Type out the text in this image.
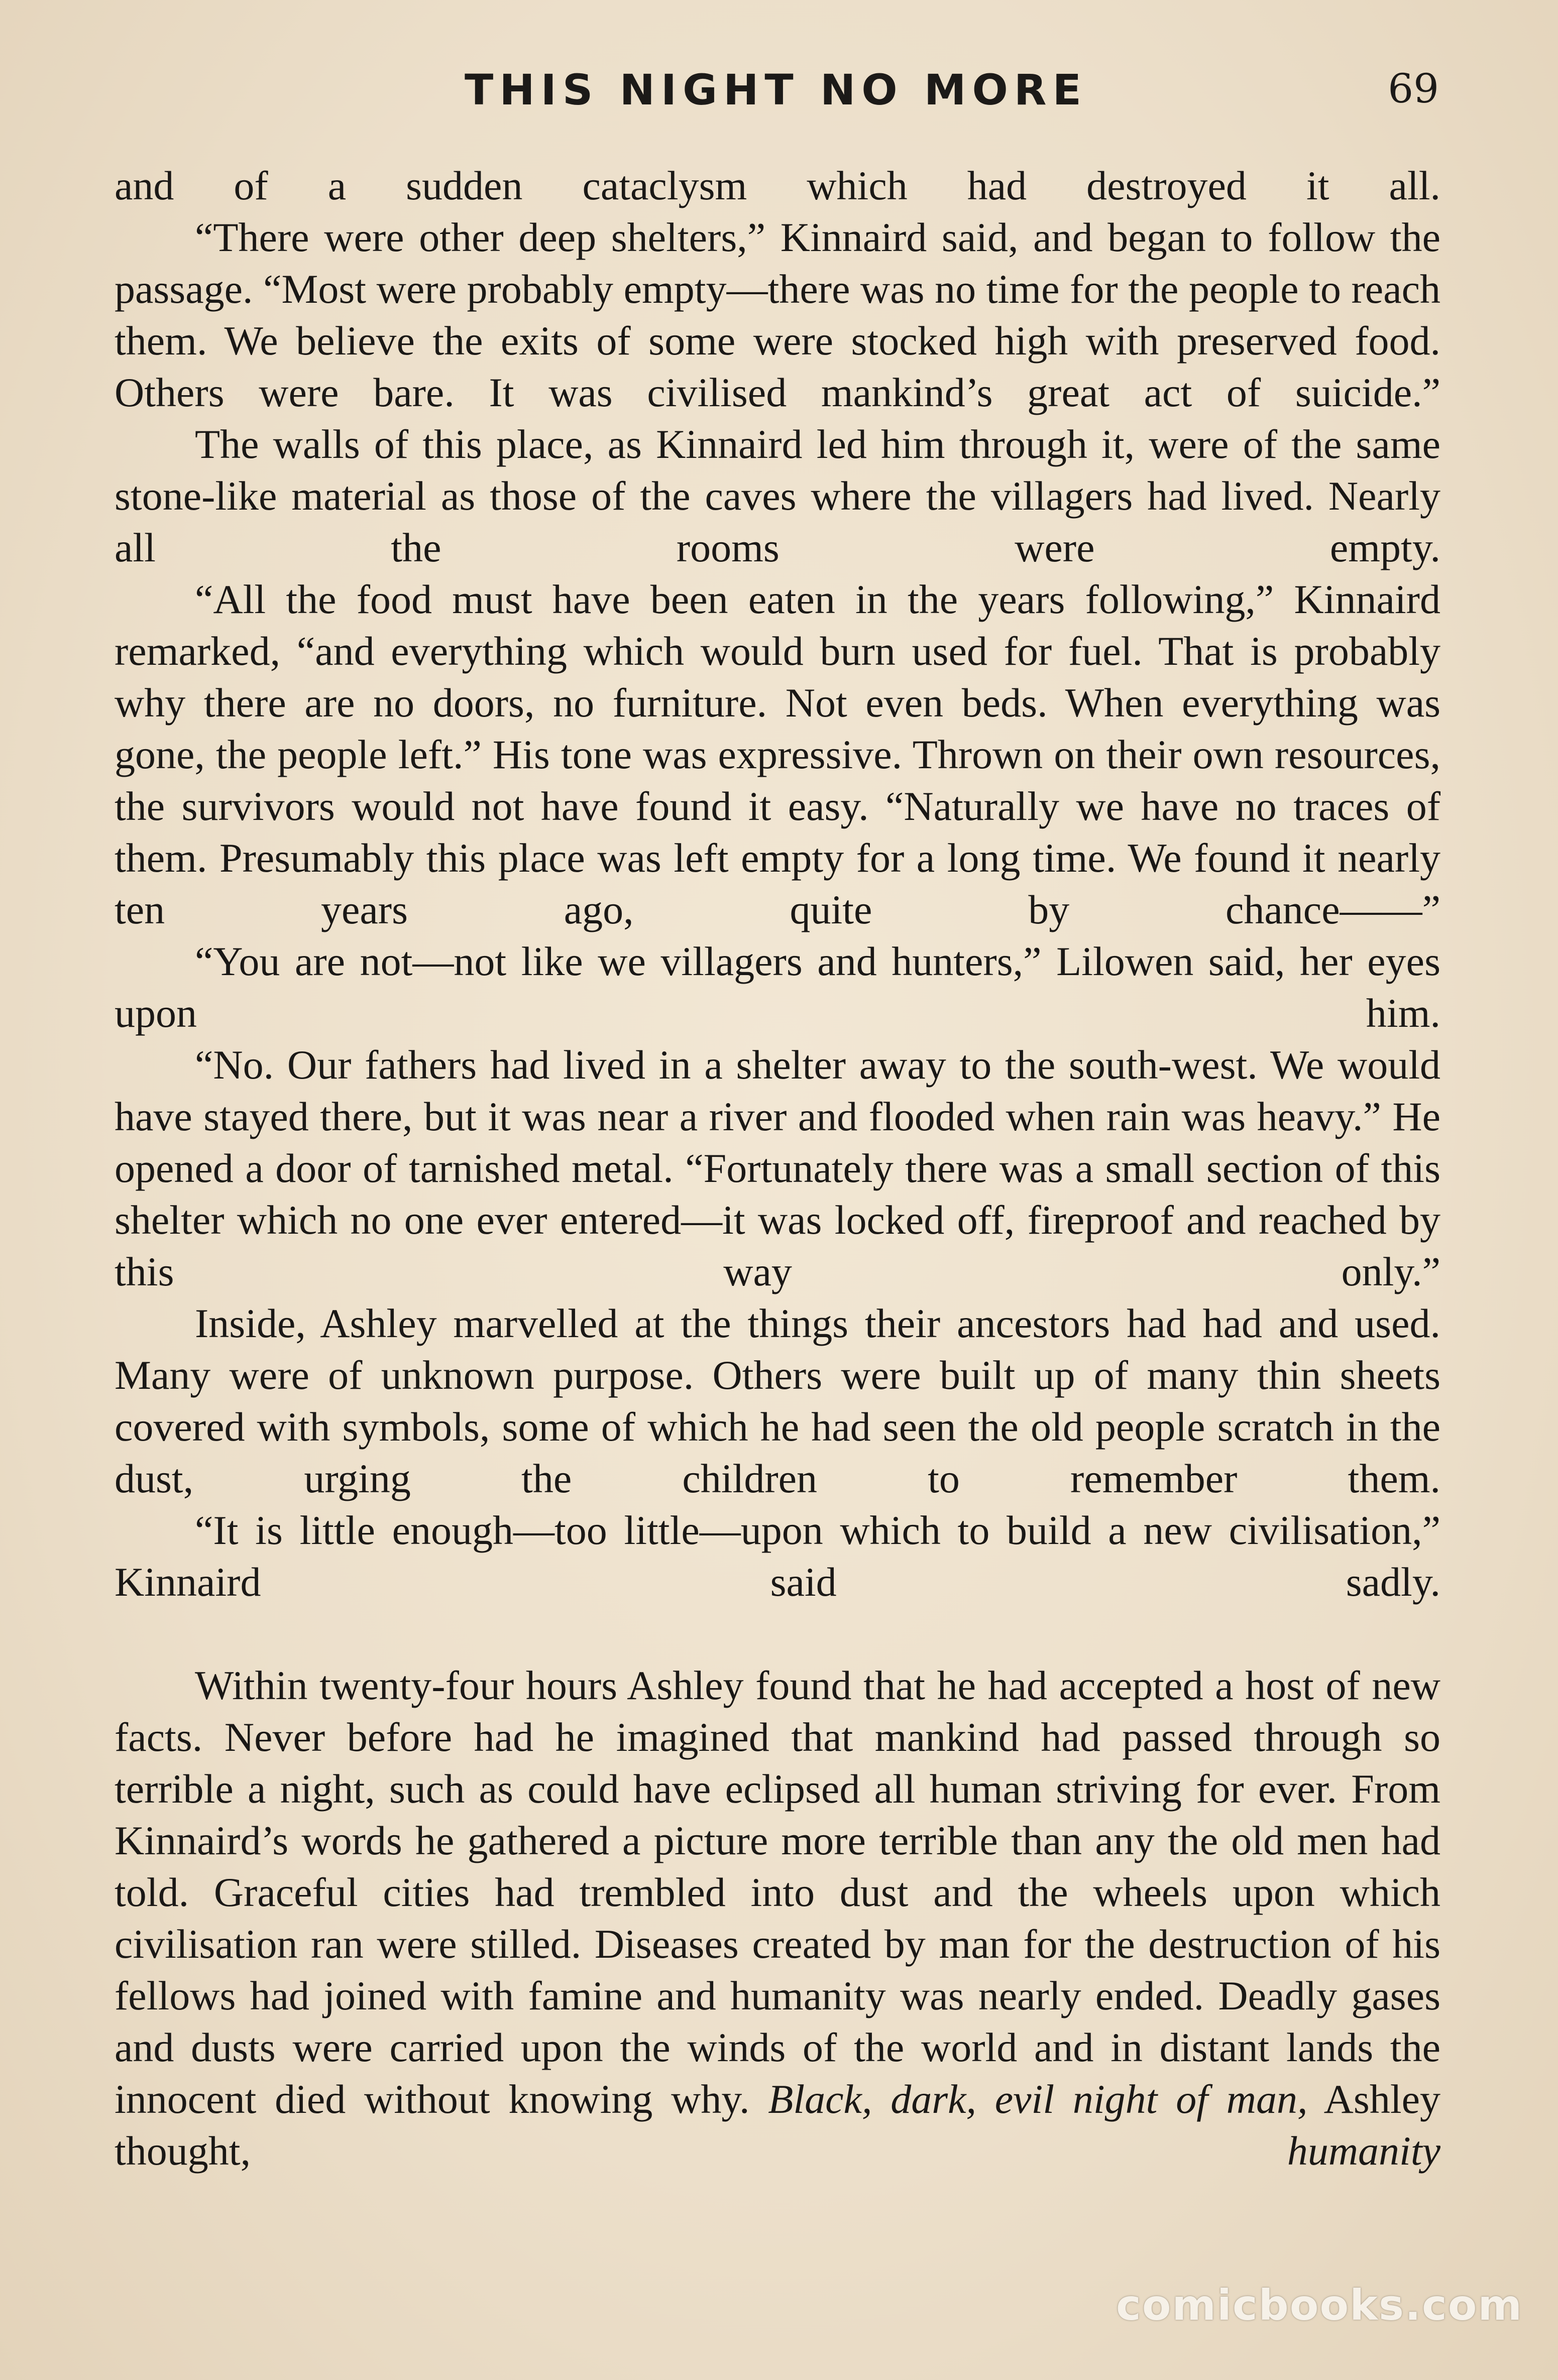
THIS NIGHT NO MORE	69

and of a sudden cataclysm which had destroyed it all.

“There were other deep shelters,” Kinnaird said, and began to follow the passage. “Most were probably empty—there was no time for the people to reach them. We believe the exits of some were stocked high with preserved food. Others were bare. It was civilised mankind’s great act of suicide.”

The walls of this place, as Kinnaird led him through it, were of the same stone-like material as those of the caves where the villagers had lived. Nearly all the rooms were empty.

“All the food must have been eaten in the years following,” Kinnaird remarked, “and everything which would burn used for fuel. That is probably why there are no doors, no furniture. Not even beds. When everything was gone, the people left.” His tone was expressive. Thrown on their own resources, the survivors would not have found it easy. “Naturally we have no traces of them. Presumably this place was left empty for a long time. We found it nearly ten years ago, quite by chance——”

“You are not—not like we villagers and hunters,” Lilowen said, her eyes upon him.

“No. Our fathers had lived in a shelter away to the south-west. We would have stayed there, but it was near a river and flooded when rain was heavy.” He opened a door of tarnished metal. “Fortunately there was a small section of this shelter which no one ever entered—it was locked off, fireproof and reached by this way only.”

Inside, Ashley marvelled at the things their ancestors had had and used. Many were of unknown purpose. Others were built up of many thin sheets covered with symbols, some of which he had seen the old people scratch in the dust, urging the children to remember them.

“It is little enough—too little—upon which to build a new civilisation,” Kinnaird said sadly.

Within twenty-four hours Ashley found that he had accepted a host of new facts. Never before had he imagined that mankind had passed through so terrible a night, such as could have eclipsed all human striving for ever. From Kinnaird’s words he gathered a picture more terrible than any the old men had told. Graceful cities had trembled into dust and the wheels upon which civilisation ran were stilled. Diseases created by man for the destruction of his fellows had joined with famine and humanity was nearly ended. Deadly gases and dusts were carried upon the winds of the world and in distant lands the innocent died without knowing why. Black, dark, evil night of man, Ashley thought, humanity

comicbooks.com
